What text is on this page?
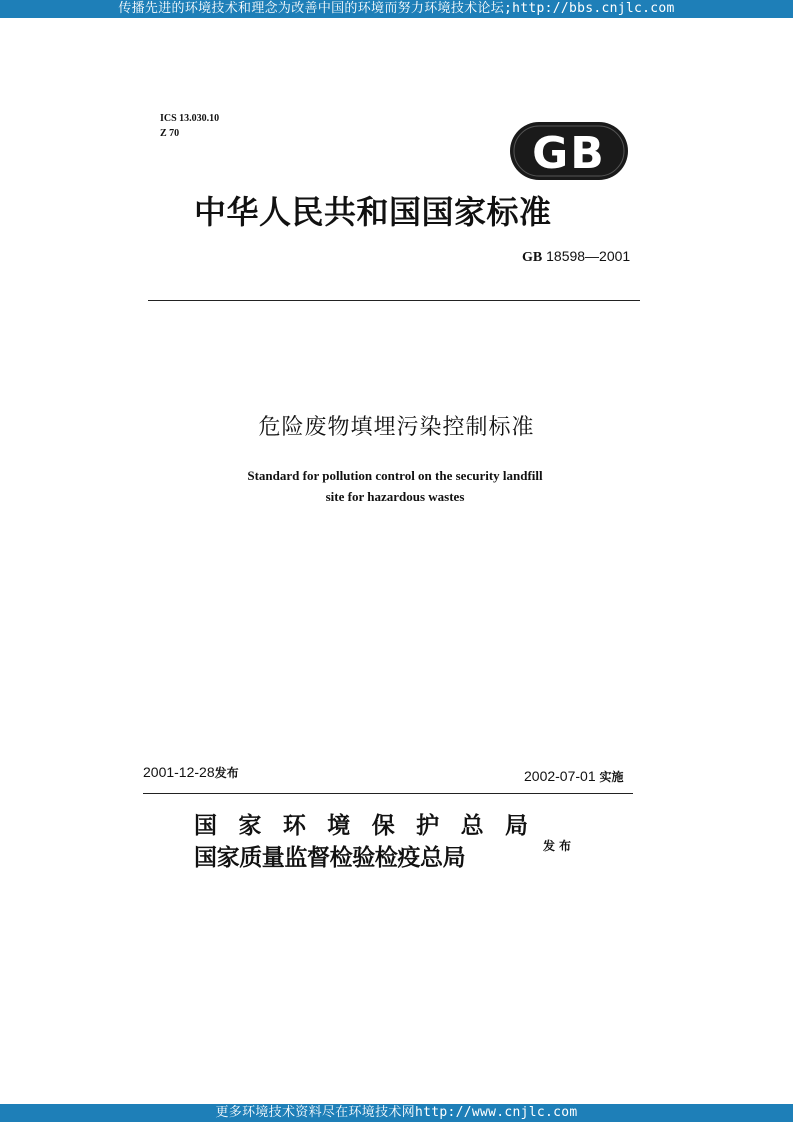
传播先进的环境技术和理念为改善中国的环境而努力环境技术论坛;http://bbs.cnjlc.com
ICS 13.030.10
Z 70	GB
中华人民共和国国家标准
GB 18598—2001
危险废物填埋污染控制标准
Standard for pollution control on the security landfill
site for hazardous wastes
2001-12-28发布	2002-07-01 实施
国家环境保护总局
国家质量监督检验检疫总局	发布
更多环境技术资料尽在环境技术网http://www.cnjlc.com
